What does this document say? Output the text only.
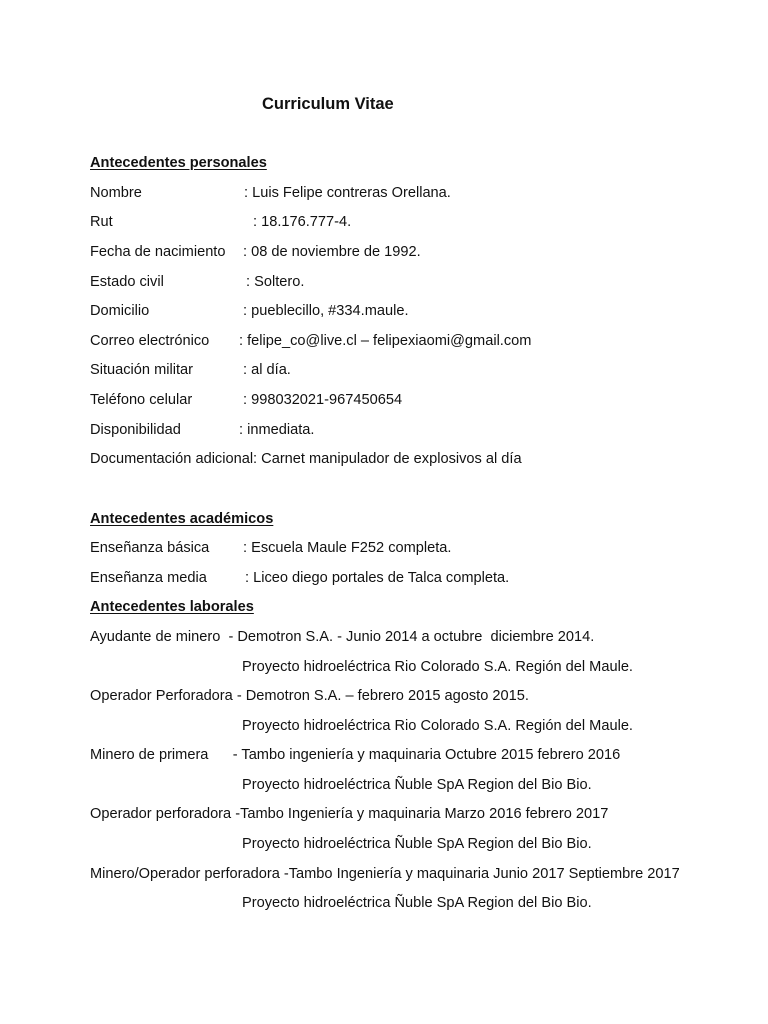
Curriculum Vitae
Antecedentes personales
Nombre	: Luis Felipe contreras Orellana.
Rut	: 18.176.777-4.
Fecha de nacimiento : 08 de noviembre de 1992.
Estado civil	: Soltero.
Domicilio	: pueblecillo, #334.maule.
Correo electrónico : felipe_co@live.cl – felipexiaomi@gmail.com
Situación militar	: al día.
Teléfono celular	: 998032021-967450654
Disponibilidad	: inmediata.
Documentación adicional: Carnet manipulador de explosivos al día
Antecedentes académicos
Enseñanza básica : Escuela Maule F252 completa.
Enseñanza media	: Liceo diego portales de Talca completa.
Antecedentes laborales
Ayudante de minero  - Demotron S.A. - Junio 2014 a octubre  diciembre 2014.
Proyecto hidroeléctrica Rio Colorado S.A. Región del Maule.
Operador Perforadora - Demotron S.A. – febrero 2015 agosto 2015.
Proyecto hidroeléctrica Rio Colorado S.A. Región del Maule.
Minero de primera      - Tambo ingeniería y maquinaria Octubre 2015 febrero 2016
Proyecto hidroeléctrica Ñuble SpA Region del Bio Bio.
Operador perforadora -Tambo Ingeniería y maquinaria Marzo 2016 febrero 2017
Proyecto hidroeléctrica Ñuble SpA Region del Bio Bio.
Minero/Operador perforadora -Tambo Ingeniería y maquinaria Junio 2017 Septiembre 2017
Proyecto hidroeléctrica Ñuble SpA Region del Bio Bio.
